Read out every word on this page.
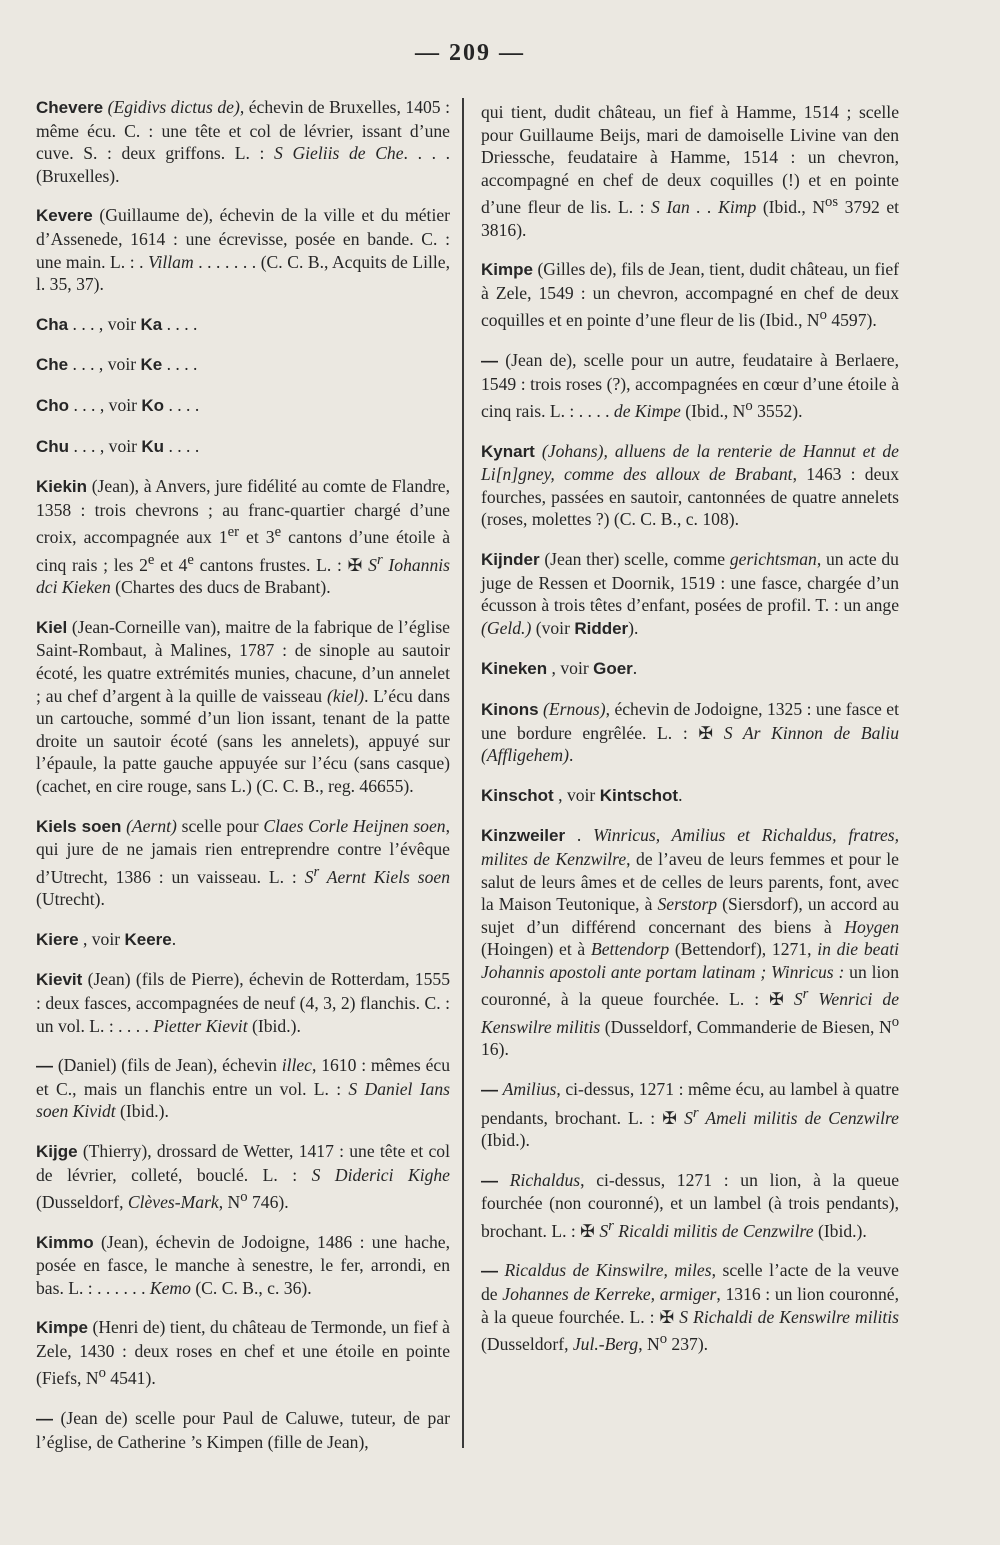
— 209 —

Chevere (Egidivs dictus de), échevin de Bruxelles, 1405 : même écu. C. : une tête et col de lévrier, issant d’une cuve. S. : deux griffons. L. : S Gieliis de Che. . . . (Bruxelles).

Kevere (Guillaume de), échevin de la ville et du métier d’Assenede, 1614 : une écrevisse, posée en bande. C. : une main. L. : . Villam . . . . . . . (C. C. B., Acquits de Lille, l. 35, 37).

Cha . . . , voir Ka . . . .

Che . . . , voir Ke . . . .

Cho . . . , voir Ko . . . .

Chu . . . , voir Ku . . . .

Kiekin (Jean), à Anvers, jure fidélité au comte de Flandre, 1358 : trois chevrons ; au franc-quartier chargé d’une croix, accompagnée aux 1er et 3e cantons d’une étoile à cinq rais ; les 2e et 4e cantons frustes. L. : ✠ $S^r$ Iohannis dci Kieken (Chartes des ducs de Brabant).

Kiel (Jean-Corneille van), maitre de la fabrique de l’église Saint-Rombaut, à Malines, 1787 : de sinople au sautoir écoté, les quatre extrémités munies, chacune, d’un annelet ; au chef d’argent à la quille de vaisseau (kiel). L’écu dans un cartouche, sommé d’un lion issant, tenant de la patte droite un sautoir écoté (sans les annelets), appuyé sur l’épaule, la patte gauche appuyée sur l’écu (sans casque) (cachet, en cire rouge, sans L.) (C. C. B., reg. 46655).

Kiels soen (Aernt) scelle pour Claes Corle Heijnen soen, qui jure de ne jamais rien entreprendre contre l’évêque d’Utrecht, 1386 : un vaisseau. L. : $S^r$ Aernt Kiels soen (Utrecht).

Kiere , voir Keere.

Kievit (Jean) (fils de Pierre), échevin de Rotterdam, 1555 : deux fasces, accompagnées de neuf (4, 3, 2) flanchis. C. : un vol. L. : . . . . Pietter Kievit (Ibid.).

— (Daniel) (fils de Jean), échevin illec, 1610 : mêmes écu et C., mais un flanchis entre un vol. L. : S Daniel Ians soen Kividt (Ibid.).

Kijge (Thierry), drossard de Wetter, 1417 : une tête et col de lévrier, colleté, bouclé. L. : S Diderici Kighe (Dusseldorf, Clèves-Mark, $N^o$ 746).

Kimmo (Jean), échevin de Jodoigne, 1486 : une hache, posée en fasce, le manche à senestre, le fer, arrondi, en bas. L. : . . . . . . Kemo (C. C. B., c. 36).

Kimpe (Henri de) tient, du château de Termonde, un fief à Zele, 1430 : deux roses en chef et une étoile en pointe (Fiefs, $N^o$ 4541).

— (Jean de) scelle pour Paul de Caluwe, tuteur, de par l’église, de Catherine ’s Kimpen (fille de Jean),

qui tient, dudit château, un fief à Hamme, 1514 ; scelle pour Guillaume Beijs, mari de damoiselle Livine van den Driessche, feudataire à Hamme, 1514 : un chevron, accompagné en chef de deux coquilles (!) et en pointe d’une fleur de lis. L. : S Ian . . Kimp (Ibid., $N^{os}$ 3792 et 3816).

Kimpe (Gilles de), fils de Jean, tient, dudit château, un fief à Zele, 1549 : un chevron, accompagné en chef de deux coquilles et en pointe d’une fleur de lis (Ibid., $N^o$ 4597).

— (Jean de), scelle pour un autre, feudataire à Berlaere, 1549 : trois roses (?), accompagnées en cœur d’une étoile à cinq rais. L. : . . . . de Kimpe (Ibid., $N^o$ 3552).

Kynart (Johans), alluens de la renterie de Hannut et de Li[n]gney, comme des alloux de Brabant, 1463 : deux fourches, passées en sautoir, cantonnées de quatre annelets (roses, molettes ?) (C. C. B., c. 108).

Kijnder (Jean ther) scelle, comme gerichtsman, un acte du juge de Ressen et Doornik, 1519 : une fasce, chargée d’un écusson à trois têtes d’enfant, posées de profil. T. : un ange (Geld.) (voir Ridder).

Kineken , voir Goer.

Kinons (Ernous), échevin de Jodoigne, 1325 : une fasce et une bordure engrêlée. L. : ✠ S Ar Kinnon de Baliu (Affligehem).

Kinschot , voir Kintschot.

Kinzweiler . Winricus, Amilius et Richaldus, fratres, milites de Kenzwilre, de l’aveu de leurs femmes et pour le salut de leurs âmes et de celles de leurs parents, font, avec la Maison Teutonique, à Serstorp (Siersdorf), un accord au sujet d’un différend concernant des biens à Hoygen (Hoingen) et à Bettendorp (Bettendorf), 1271, in die beati Johannis apostoli ante portam latinam ; Winricus : un lion couronné, à la queue fourchée. L. : ✠ $S^r$ Wenrici de Kenswilre militis (Dusseldorf, Commanderie de Biesen, $N^o$ 16).

— Amilius, ci-dessus, 1271 : même écu, au lambel à quatre pendants, brochant. L. : ✠ $S^r$ Ameli militis de Cenzwilre (Ibid.).

— Richaldus, ci-dessus, 1271 : un lion, à la queue fourchée (non couronné), et un lambel (à trois pendants), brochant. L. : ✠ $S^r$ Ricaldi militis de Cenzwilre (Ibid.).

— Ricaldus de Kinswilre, miles, scelle l’acte de la veuve de Johannes de Kerreke, armiger, 1316 : un lion couronné, à la queue fourchée. L. : ✠ S Richaldi de Kenswilre militis (Dusseldorf, Jul.-Berg, $N^o$ 237).
